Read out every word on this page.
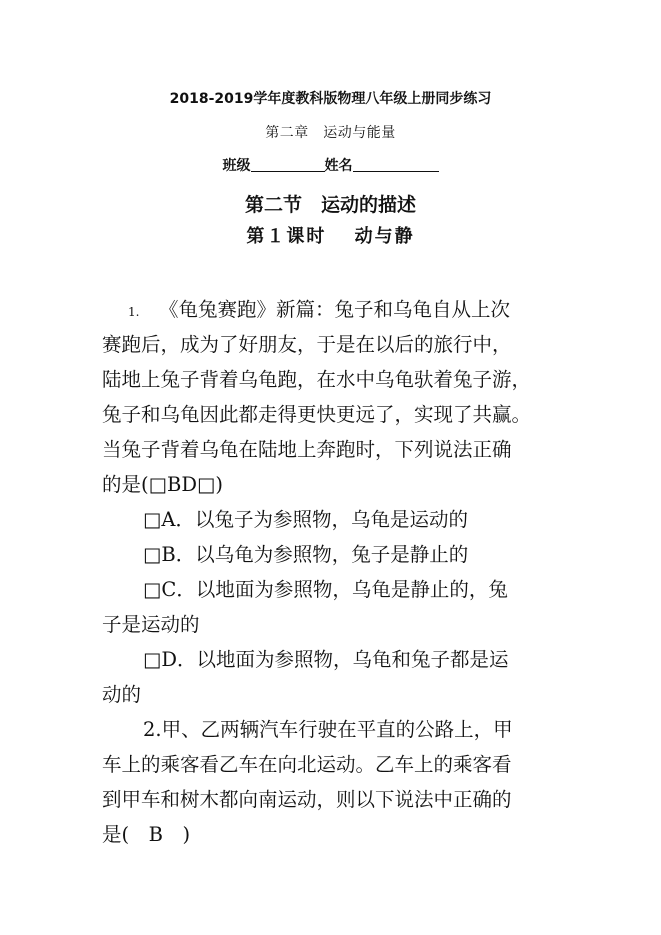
2018-2019学年度教科版物理八年级上册同步练习
第二章　运动与能量
班级	姓名
第二节　运动的描述
第１课时　 动与静
1. 《龟兔赛跑》新篇：兔子和乌龟自从上次
赛跑后，成为了好朋友，于是在以后的旅行中，
陆地上兔子背着乌龟跑，在水中乌龟驮着兔子游，
兔子和乌龟因此都走得更快更远了，实现了共赢。
当兔子背着乌龟在陆地上奔跑时，下列说法正确
的是(□BD□)
□A．以兔子为参照物，乌龟是运动的
□B．以乌龟为参照物，兔子是静止的
□C．以地面为参照物，乌龟是静止的，兔
子是运动的
□D．以地面为参照物，乌龟和兔子都是运
动的
2.甲、乙两辆汽车行驶在平直的公路上，甲
车上的乘客看乙车在向北运动。乙车上的乘客看
到甲车和树木都向南运动，则以下说法中正确的
是(　B　)
